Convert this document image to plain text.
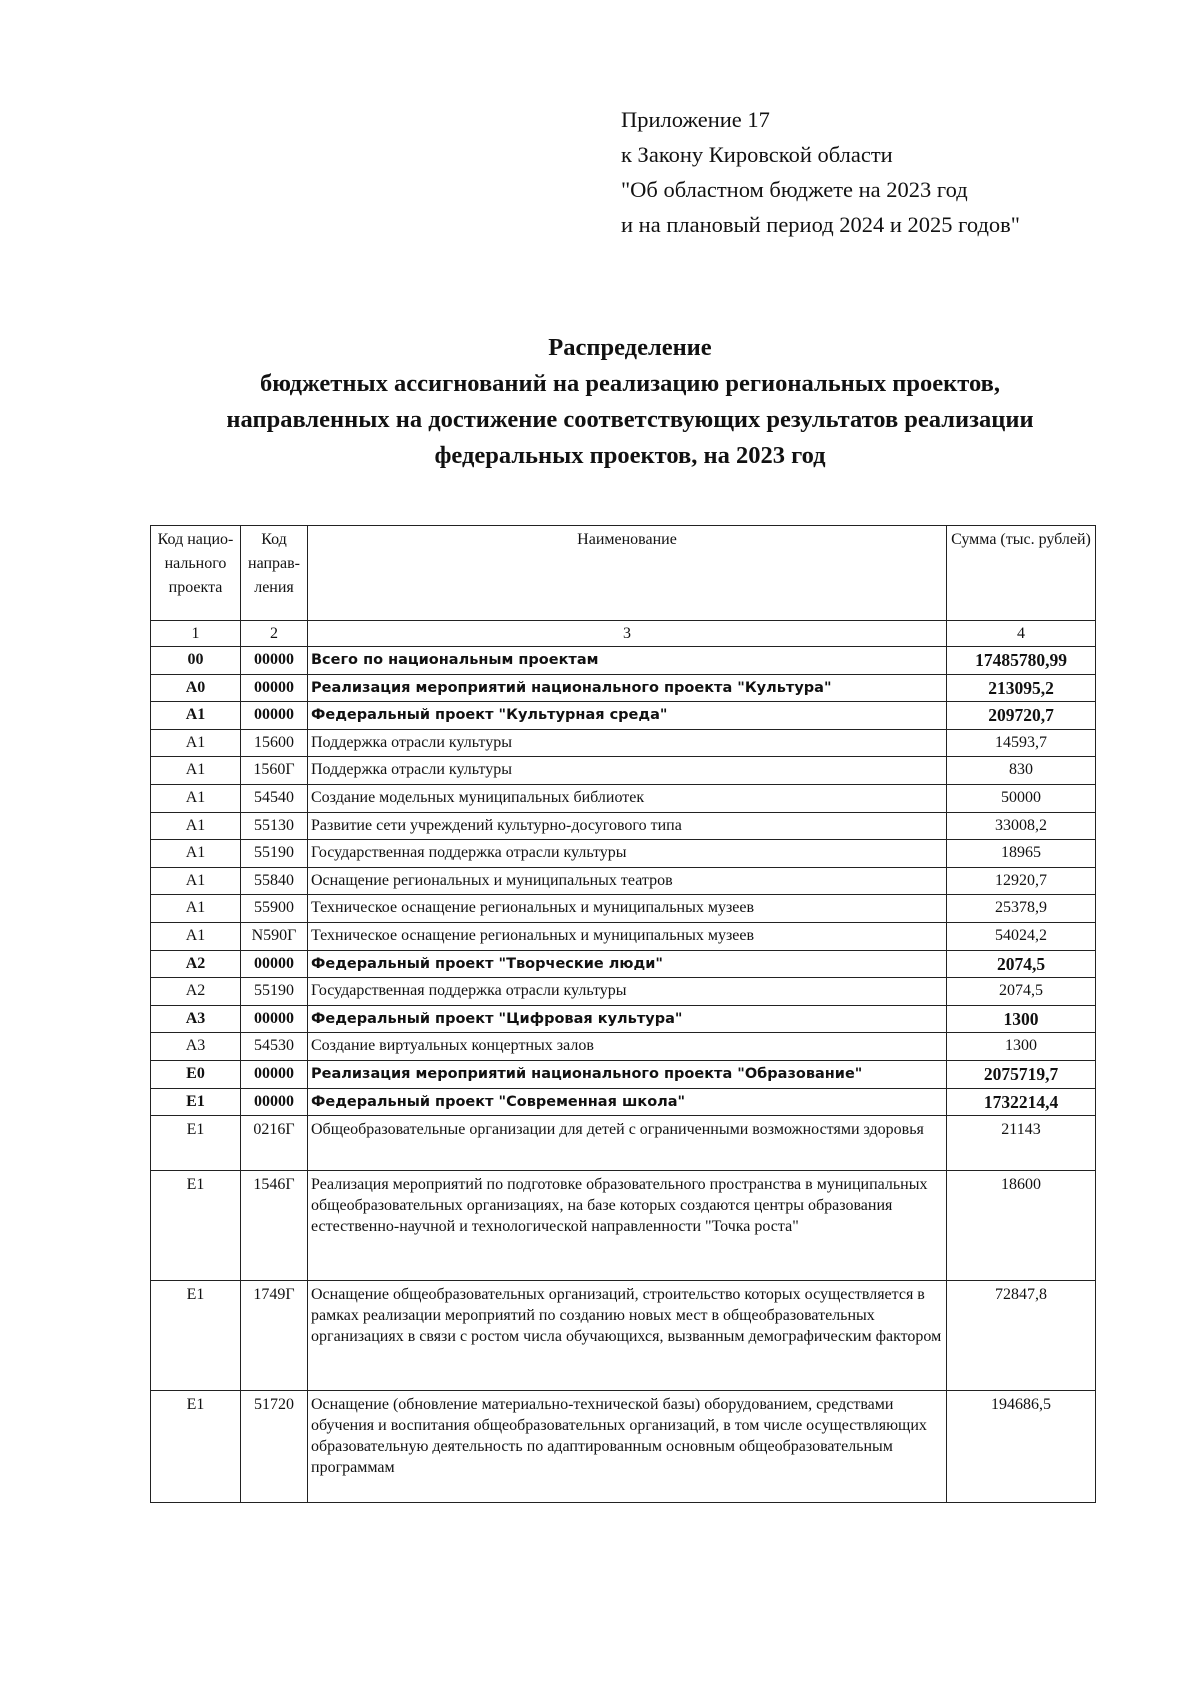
Приложение 17
к Закону Кировской области
"Об областном бюджете на 2023 год
и на плановый период 2024 и 2025 годов"
Распределение
бюджетных ассигнований на реализацию региональных проектов,
направленных на достижение соответствующих результатов реализации
федеральных проектов, на 2023 год
Код нацио-нального проекта	Код направ-ления	Наименование	Сумма (тыс. рублей)
1	2	3	4
00	00000	Всего по национальным проектам	17485780,99
А0	00000	Реализация мероприятий национального проекта "Культура"	213095,2
А1	00000	Федеральный проект "Культурная среда"	209720,7
А1	15600	Поддержка отрасли культуры	14593,7
А1	1560Г	Поддержка отрасли культуры	830
А1	54540	Создание модельных муниципальных библиотек	50000
А1	55130	Развитие сети учреждений культурно-досугового типа	33008,2
А1	55190	Государственная поддержка отрасли культуры	18965
А1	55840	Оснащение региональных и муниципальных театров	12920,7
А1	55900	Техническое оснащение региональных и муниципальных музеев	25378,9
А1	N590Г	Техническое оснащение региональных и муниципальных музеев	54024,2
А2	00000	Федеральный проект "Творческие люди"	2074,5
А2	55190	Государственная поддержка отрасли культуры	2074,5
А3	00000	Федеральный проект "Цифровая культура"	1300
А3	54530	Создание виртуальных концертных залов	1300
Е0	00000	Реализация мероприятий национального проекта "Образование"	2075719,7
Е1	00000	Федеральный проект "Современная школа"	1732214,4
Е1	0216Г	Общеобразовательные организации для детей с ограниченными возможностями здоровья	21143
Е1	1546Г	Реализация мероприятий по подготовке образовательного пространства в муниципальных общеобразовательных организациях, на базе которых создаются центры образования естественно-научной и технологической направленности "Точка роста"	18600
Е1	1749Г	Оснащение общеобразовательных организаций, строительство которых осуществляется в рамках реализации мероприятий по созданию новых мест в общеобразовательных организациях в связи с ростом числа обучающихся, вызванным демографическим фактором	72847,8
Е1	51720	Оснащение (обновление материально-технической базы) оборудованием, средствами обучения и воспитания общеобразовательных организаций, в том числе осуществляющих образовательную деятельность по адаптированным основным общеобразовательным программам	194686,5
